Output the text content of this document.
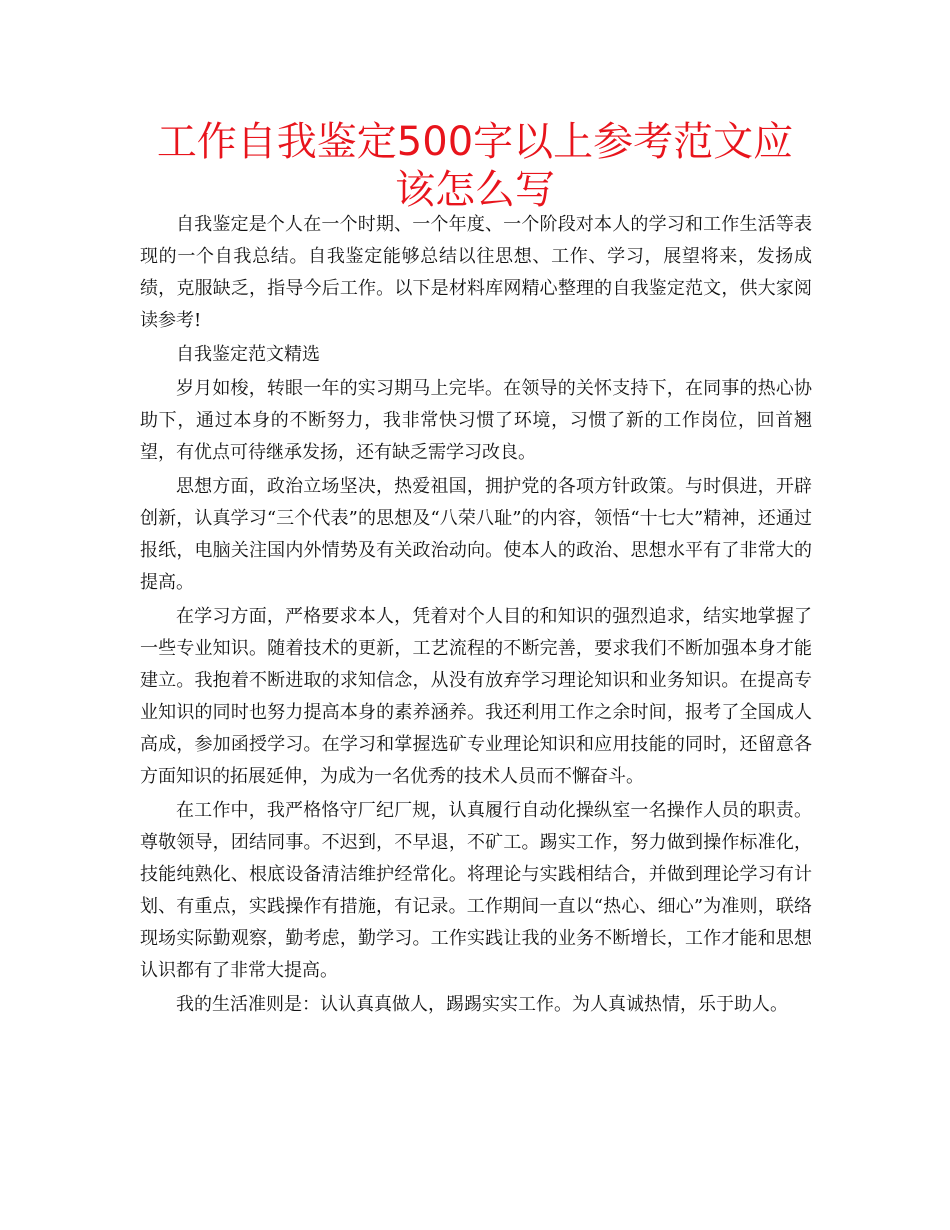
工作自我鉴定500字以上参考范文应该怎么写

自我鉴定是个人在一个时期、一个年度、一个阶段对本人的学习和工作生活等表现的一个自我总结。自我鉴定能够总结以往思想、工作、学习，展望将来，发扬成绩，克服缺乏，指导今后工作。以下是材料库网精心整理的自我鉴定范文，供大家阅读参考!

自我鉴定范文精选

岁月如梭，转眼一年的实习期马上完毕。在领导的关怀支持下，在同事的热心协助下，通过本身的不断努力，我非常快习惯了环境，习惯了新的工作岗位，回首翘望，有优点可待继承发扬，还有缺乏需学习改良。

思想方面，政治立场坚决，热爱祖国，拥护党的各项方针政策。与时俱进，开辟创新，认真学习“三个代表”的思想及“八荣八耻”的内容，领悟“十七大”精神，还通过报纸，电脑关注国内外情势及有关政治动向。使本人的政治、思想水平有了非常大的提高。

在学习方面，严格要求本人，凭着对个人目的和知识的强烈追求，结实地掌握了一些专业知识。随着技术的更新，工艺流程的不断完善，要求我们不断加强本身才能建立。我抱着不断进取的求知信念，从没有放弃学习理论知识和业务知识。在提高专业知识的同时也努力提高本身的素养涵养。我还利用工作之余时间，报考了全国成人高成，参加函授学习。在学习和掌握选矿专业理论知识和应用技能的同时，还留意各方面知识的拓展延伸，为成为一名优秀的技术人员而不懈奋斗。

在工作中，我严格恪守厂纪厂规，认真履行自动化操纵室一名操作人员的职责。尊敬领导，团结同事。不迟到，不早退，不矿工。踢实工作，努力做到操作标准化，技能纯熟化、根底设备清洁维护经常化。将理论与实践相结合，并做到理论学习有计划、有重点，实践操作有措施，有记录。工作期间一直以“热心、细心”为准则，联络现场实际勤观察，勤考虑，勤学习。工作实践让我的业务不断增长，工作才能和思想认识都有了非常大提高。

我的生活准则是：认认真真做人，踢踢实实工作。为人真诚热情，乐于助人。
